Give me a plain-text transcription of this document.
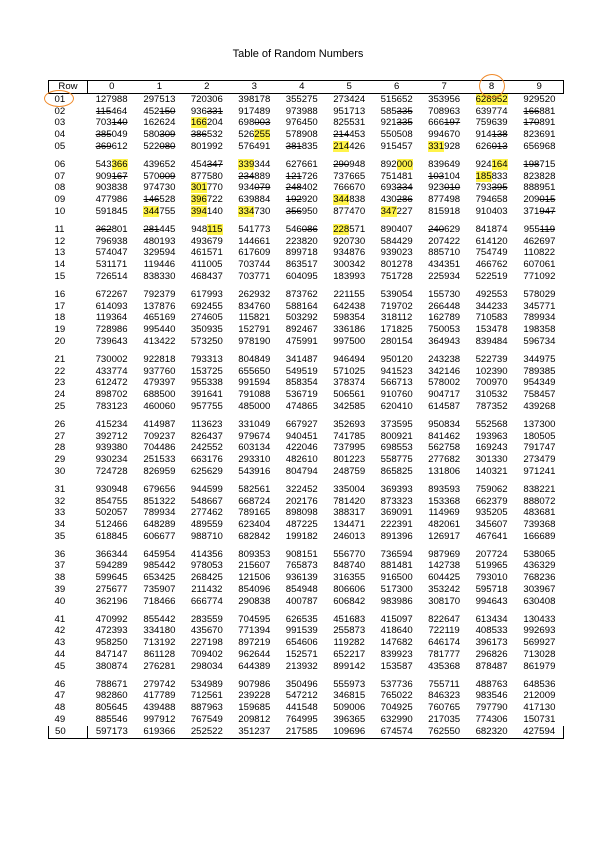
Table of Random Numbers
Row	0	1	2	3	4	5	6	7	8	9
01	127988	297513	720306	398178	355275	273424	515652	353956	628952	929520
02	115464	452150	936331	917489	973988	951713	585335	708963	639774	166881
03	703140	162624	166204	698003	976450	825531	921335	666197	759639	170891
04	385049	580309	386532	526255	578908	214453	550508	994670	914138	823691
05	369612	522080	801992	576491	381835	214426	915457	331928	626013	656968

06	543366	439652	454347	339344	627661	290948	892000	839649	924164	198715
07	909167	570009	877580	234889	121726	737665	751481	103104	185833	823828
08	903838	974730	301770	934079	248402	766670	693334	923010	793395	888951
09	477986	146528	396722	639884	192920	344838	430286	877498	794658	209015
10	591845	344755	394140	334730	356950	877470	347227	815918	910403	371947

11	362801	281445	948115	541773	546086	228571	890407	240629	841874	955119
12	796938	480193	493679	144661	223820	920730	584429	207422	614120	462697
13	574047	329594	461571	617609	899718	934876	939023	885710	754749	110822
14	531171	119446	411005	703744	863517	300342	801278	434351	466762	607061
15	726514	838330	468437	703771	604095	183993	751728	225934	522519	771092

16	672267	792379	617993	262932	873762	221155	539054	155730	492553	578029
17	614093	137876	692455	834760	588164	642438	719702	266448	344233	345771
18	119364	465169	274605	115821	503292	598354	318112	162789	710583	789934
19	728986	995440	350935	152791	892467	336186	171825	750053	153478	198358
20	739643	413422	573250	978190	475991	997500	280154	364943	839484	596734

21	730002	922818	793313	804849	341487	946494	950120	243238	522739	344975
22	433774	937760	153725	655650	549519	571025	941523	342146	102390	789385
23	612472	479397	955338	991594	858354	378374	566713	578002	700970	954349
24	898702	688500	391641	791088	536719	506561	910760	904717	310532	758457
25	783123	460060	957755	485000	474865	342585	620410	614587	787352	439268

26	415234	414987	113623	331049	667927	352693	373595	950834	552568	137300
27	392712	709237	826437	979674	940451	741785	800921	841462	193963	180505
28	939380	704486	242552	603134	422046	737995	698553	562758	169243	791747
29	930234	251533	663176	293310	482610	801223	558775	277682	301330	273479
30	724728	826959	625629	543916	804794	248759	865825	131806	140321	971241

31	930948	679656	944599	582561	322452	335004	369393	893593	759062	838221
32	854755	851322	548667	668724	202176	781420	873323	153368	662379	888072
33	502057	789934	277462	789165	898098	388317	369091	114969	935205	483681
34	512466	648289	489559	623404	487225	134471	222391	482061	345607	739368
35	618845	606677	988710	682842	199182	246013	891396	126917	467641	166689

36	366344	645954	414356	809353	908151	556770	736594	987969	207724	538065
37	594289	985442	978053	215607	765873	848740	881481	142738	519965	436329
38	599645	653425	268425	121506	936139	316355	916500	604425	793010	768236
39	275677	735907	211432	854096	854948	806606	517300	353242	595718	303967
40	362196	718466	666774	290838	400787	606842	983986	308170	994643	630408

41	470992	855442	283559	704595	626535	451683	415097	822647	613434	130433
42	472393	334180	435670	771394	991539	255873	418640	722119	408533	992693
43	958250	713192	227198	897219	654606	119282	147682	646174	396173	569927
44	847147	861128	709402	962644	152571	652217	839923	781777	296826	713028
45	380874	276281	298034	644389	213932	899142	153587	435368	878487	861979

46	788671	279742	534989	907986	350496	555973	537736	755711	488763	648536
47	982860	417789	712561	239228	547212	346815	765022	846323	983546	212009
48	805645	439488	887963	159685	441548	509006	704925	760765	797790	417130
49	885546	997912	767549	209812	764995	396365	632990	217035	774306	150731
50	597173	619366	252522	351237	217585	109696	674574	762550	682320	427594
